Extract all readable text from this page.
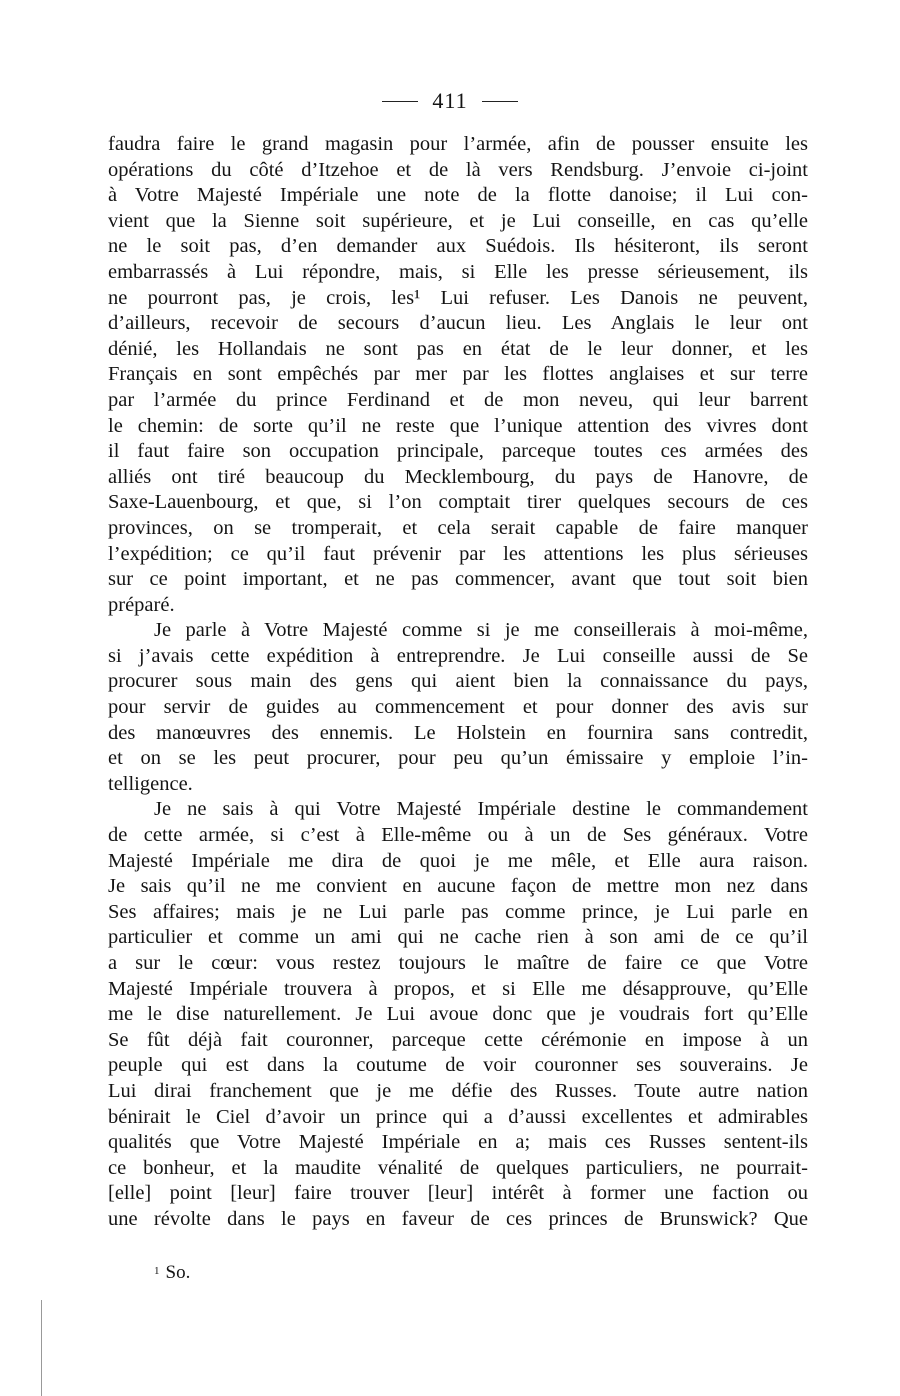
411
faudra faire le grand magasin pour l’armée, afin de pousser ensuite les
opérations du côté d’Itzehoe et de là vers Rendsburg. J’envoie ci-joint
à Votre Majesté Impériale une note de la flotte danoise; il Lui con-
vient que la Sienne soit supérieure, et je Lui conseille, en cas qu’elle
ne le soit pas, d’en demander aux Suédois. Ils hésiteront, ils seront
embarrassés à Lui répondre, mais, si Elle les presse sérieusement, ils
ne pourront pas, je crois, les¹ Lui refuser. Les Danois ne peuvent,
d’ailleurs, recevoir de secours d’aucun lieu. Les Anglais le leur ont
dénié, les Hollandais ne sont pas en état de le leur donner, et les
Français en sont empêchés par mer par les flottes anglaises et sur terre
par l’armée du prince Ferdinand et de mon neveu, qui leur barrent
le chemin: de sorte qu’il ne reste que l’unique attention des vivres dont
il faut faire son occupation principale, parceque toutes ces armées des
alliés ont tiré beaucoup du Mecklembourg, du pays de Hanovre, de
Saxe-Lauenbourg, et que, si l’on comptait tirer quelques secours de ces
provinces, on se tromperait, et cela serait capable de faire manquer
l’expédition; ce qu’il faut prévenir par les attentions les plus sérieuses
sur ce point important, et ne pas commencer, avant que tout soit bien
préparé.
Je parle à Votre Majesté comme si je me conseillerais à moi-même,
si j’avais cette expédition à entreprendre. Je Lui conseille aussi de Se
procurer sous main des gens qui aient bien la connaissance du pays,
pour servir de guides au commencement et pour donner des avis sur
des manœuvres des ennemis. Le Holstein en fournira sans contredit,
et on se les peut procurer, pour peu qu’un émissaire y emploie l’in-
telligence.
Je ne sais à qui Votre Majesté Impériale destine le commandement
de cette armée, si c’est à Elle-même ou à un de Ses généraux. Votre
Majesté Impériale me dira de quoi je me mêle, et Elle aura raison.
Je sais qu’il ne me convient en aucune façon de mettre mon nez dans
Ses affaires; mais je ne Lui parle pas comme prince, je Lui parle en
particulier et comme un ami qui ne cache rien à son ami de ce qu’il
a sur le cœur: vous restez toujours le maître de faire ce que Votre
Majesté Impériale trouvera à propos, et si Elle me désapprouve, qu’Elle
me le dise naturellement. Je Lui avoue donc que je voudrais fort qu’Elle
Se fût déjà fait couronner, parceque cette cérémonie en impose à un
peuple qui est dans la coutume de voir couronner ses souverains. Je
Lui dirai franchement que je me défie des Russes. Toute autre nation
bénirait le Ciel d’avoir un prince qui a d’aussi excellentes et admirables
qualités que Votre Majesté Impériale en a; mais ces Russes sentent-ils
ce bonheur, et la maudite vénalité de quelques particuliers, ne pourrait-
[elle] point [leur] faire trouver [leur] intérêt à former une faction ou
une révolte dans le pays en faveur de ces princes de Brunswick? Que
$^1$ So.
